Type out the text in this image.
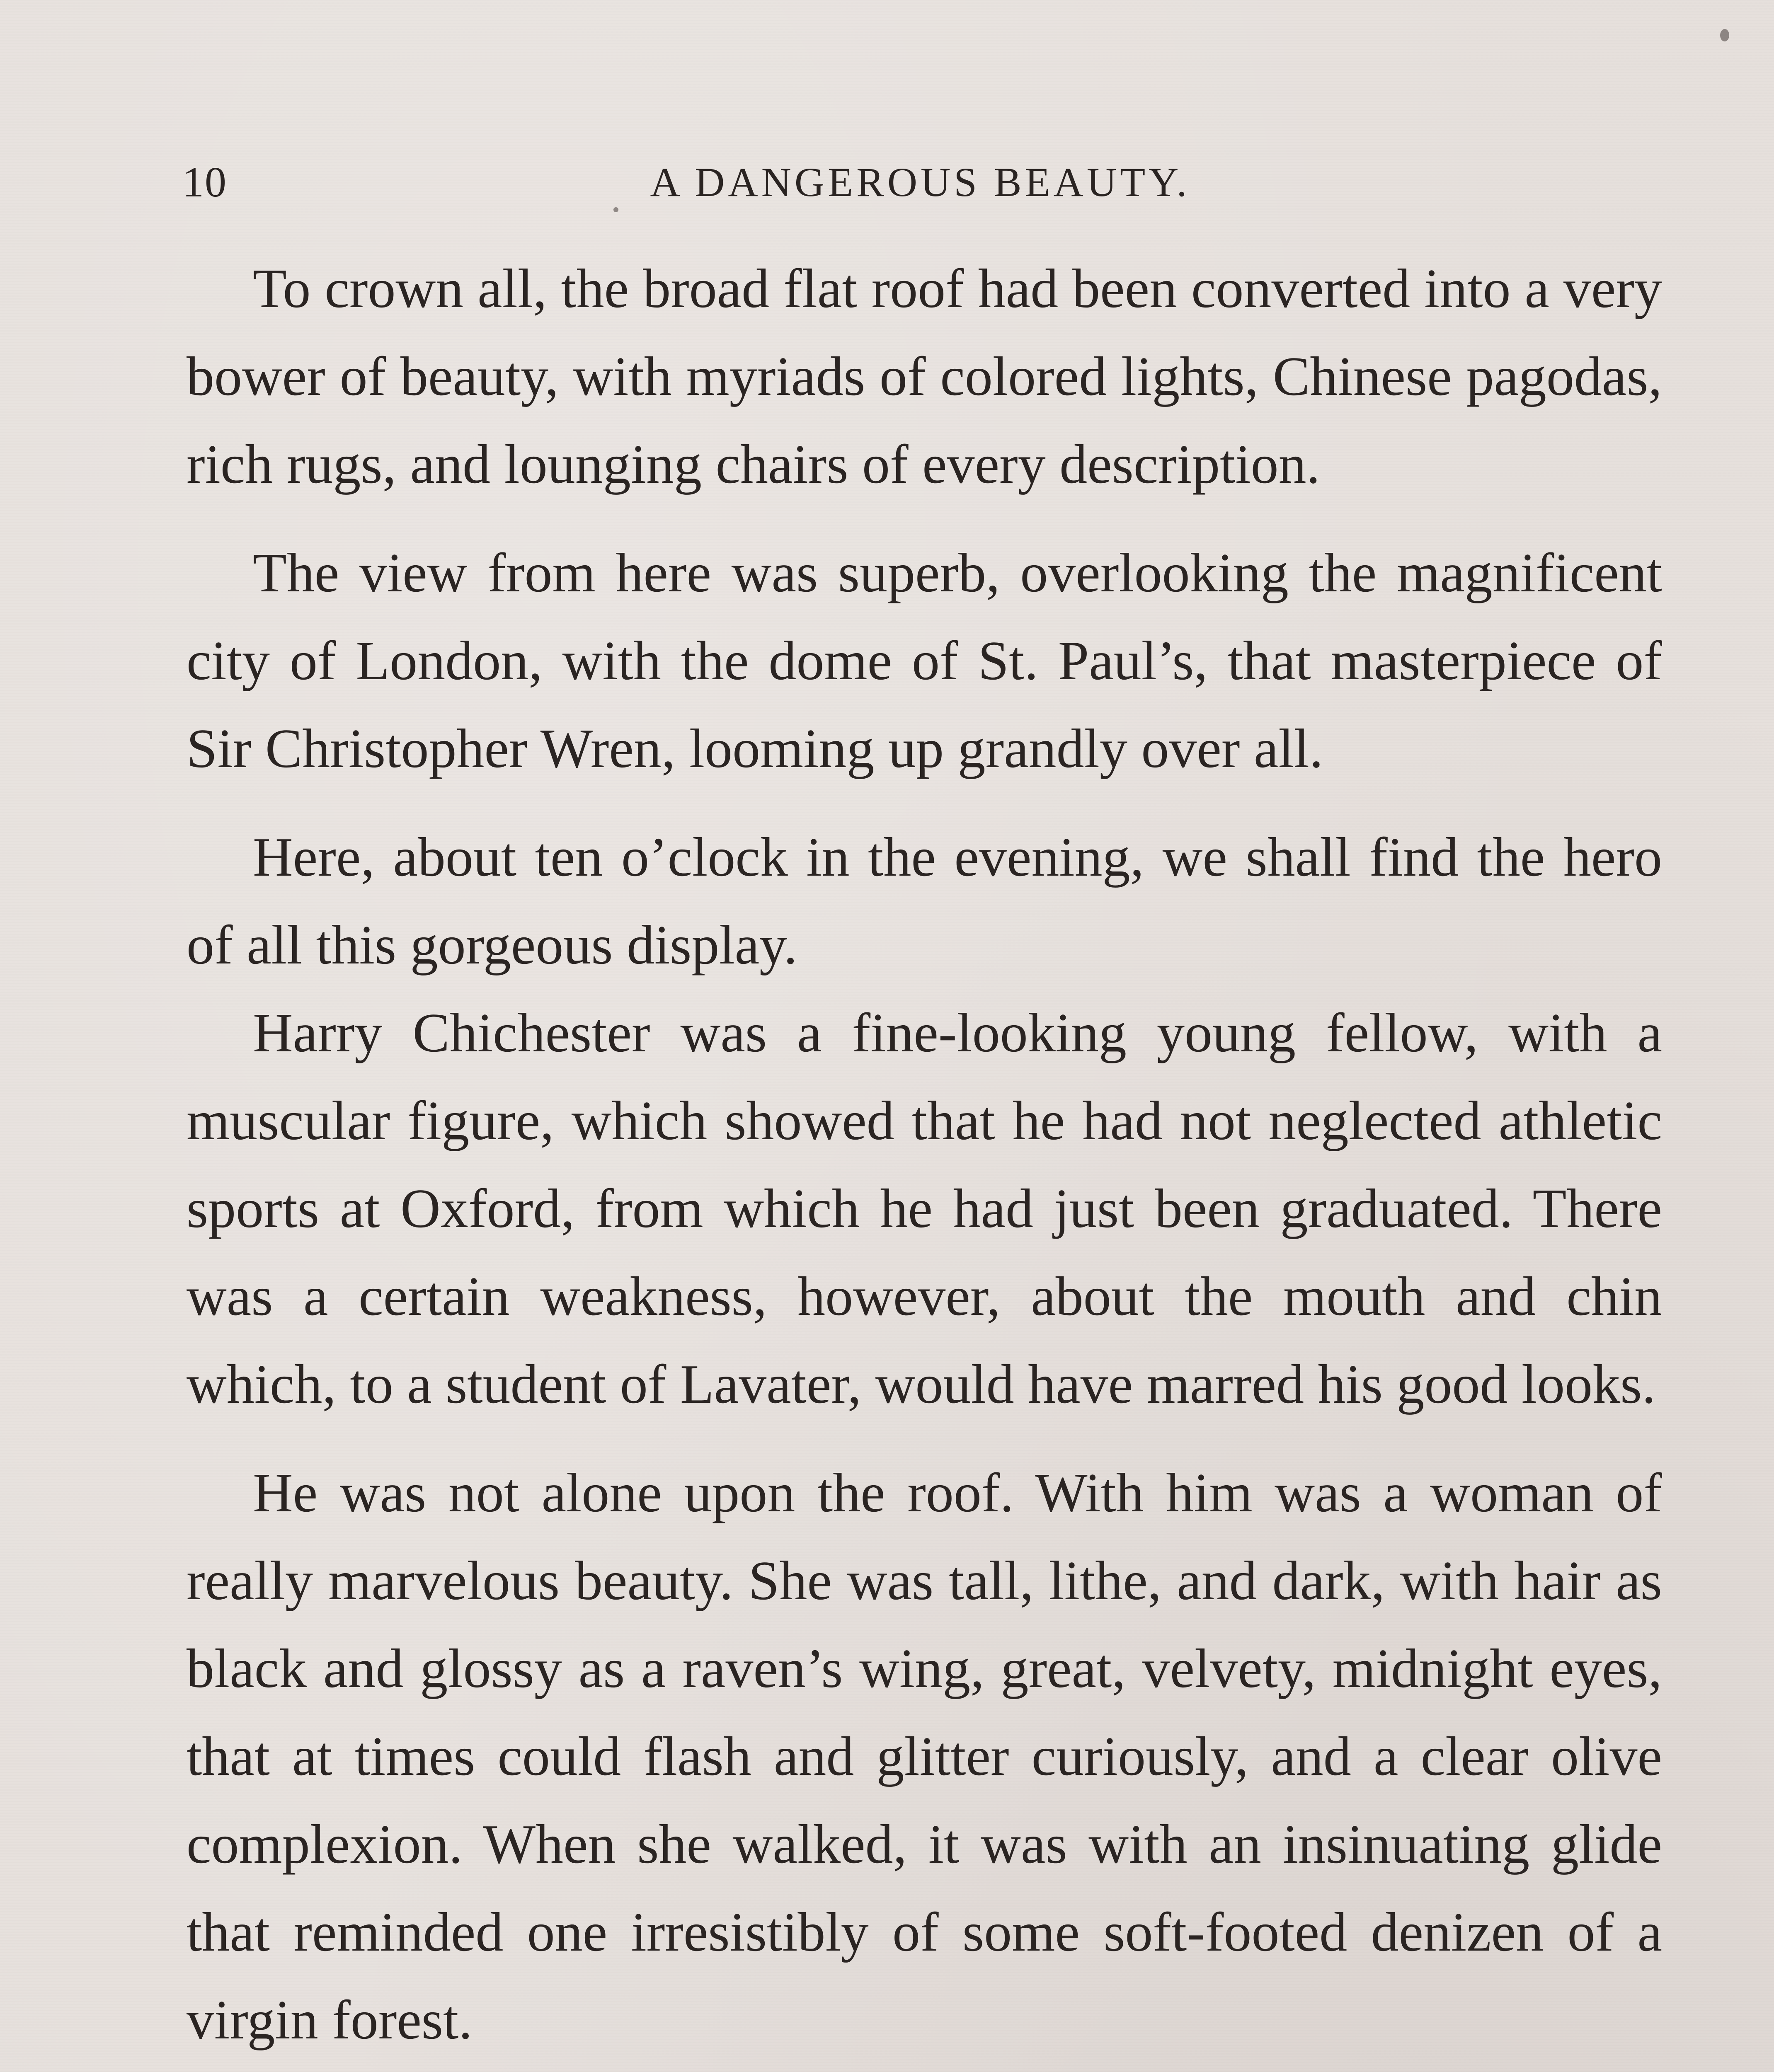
10	A DANGEROUS BEAUTY.

To crown all, the broad flat roof had been converted into a very bower of beauty, with myriads of colored lights, Chinese pagodas, rich rugs, and lounging chairs of every description.

The view from here was superb, overlooking the magnificent city of London, with the dome of St. Paul’s, that masterpiece of Sir Christopher Wren, looming up grandly over all.

Here, about ten o’clock in the evening, we shall find the hero of all this gorgeous display.

Harry Chichester was a fine-looking young fellow, with a muscular figure, which showed that he had not neglected athletic sports at Oxford, from which he had just been graduated. There was a certain weakness, however, about the mouth and chin which, to a student of Lavater, would have marred his good looks.

He was not alone upon the roof. With him was a woman of really marvelous beauty. She was tall, lithe, and dark, with hair as black and glossy as a raven’s wing, great, velvety, midnight eyes, that at times could flash and glitter curiously, and a clear olive complexion. When she walked, it was with an insinuating glide that reminded one irresistibly of some soft-footed denizen of a virgin forest.
